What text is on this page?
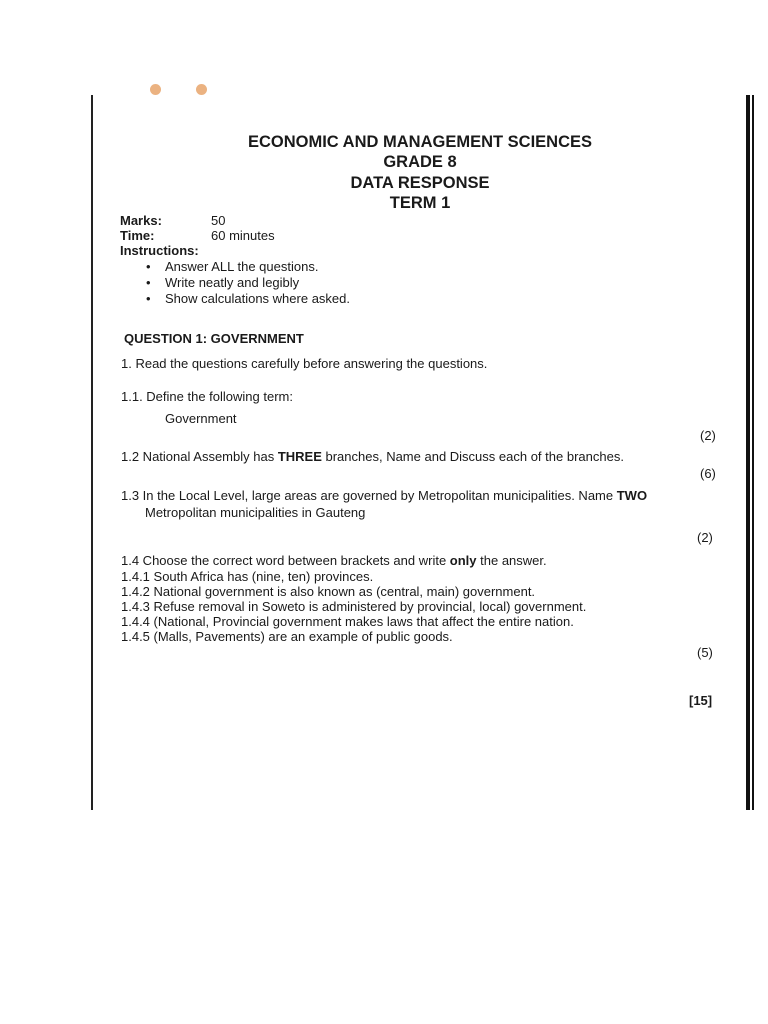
ECONOMIC AND MANAGEMENT SCIENCES
GRADE 8
DATA RESPONSE
TERM 1
Marks:	50
Time:	60 minutes
Instructions:
• Answer ALL the questions.
• Write neatly and legibly
• Show calculations where asked.
QUESTION 1: GOVERNMENT
1. Read the questions carefully before answering the questions.
1.1. Define the following term:
Government
(2)
1.2 National Assembly has THREE branches, Name and Discuss each of the branches.
(6)
1.3 In the Local Level, large areas are governed by Metropolitan municipalities. Name TWO
Metropolitan municipalities in Gauteng
(2)
1.4 Choose the correct word between brackets and write only the answer.
1.4.1 South Africa has (nine, ten) provinces.
1.4.2 National government is also known as (central, main) government.
1.4.3 Refuse removal in Soweto is administered by provincial, local) government.
1.4.4 (National, Provincial government makes laws that affect the entire nation.
1.4.5 (Malls, Pavements) are an example of public goods.
(5)
[15]
